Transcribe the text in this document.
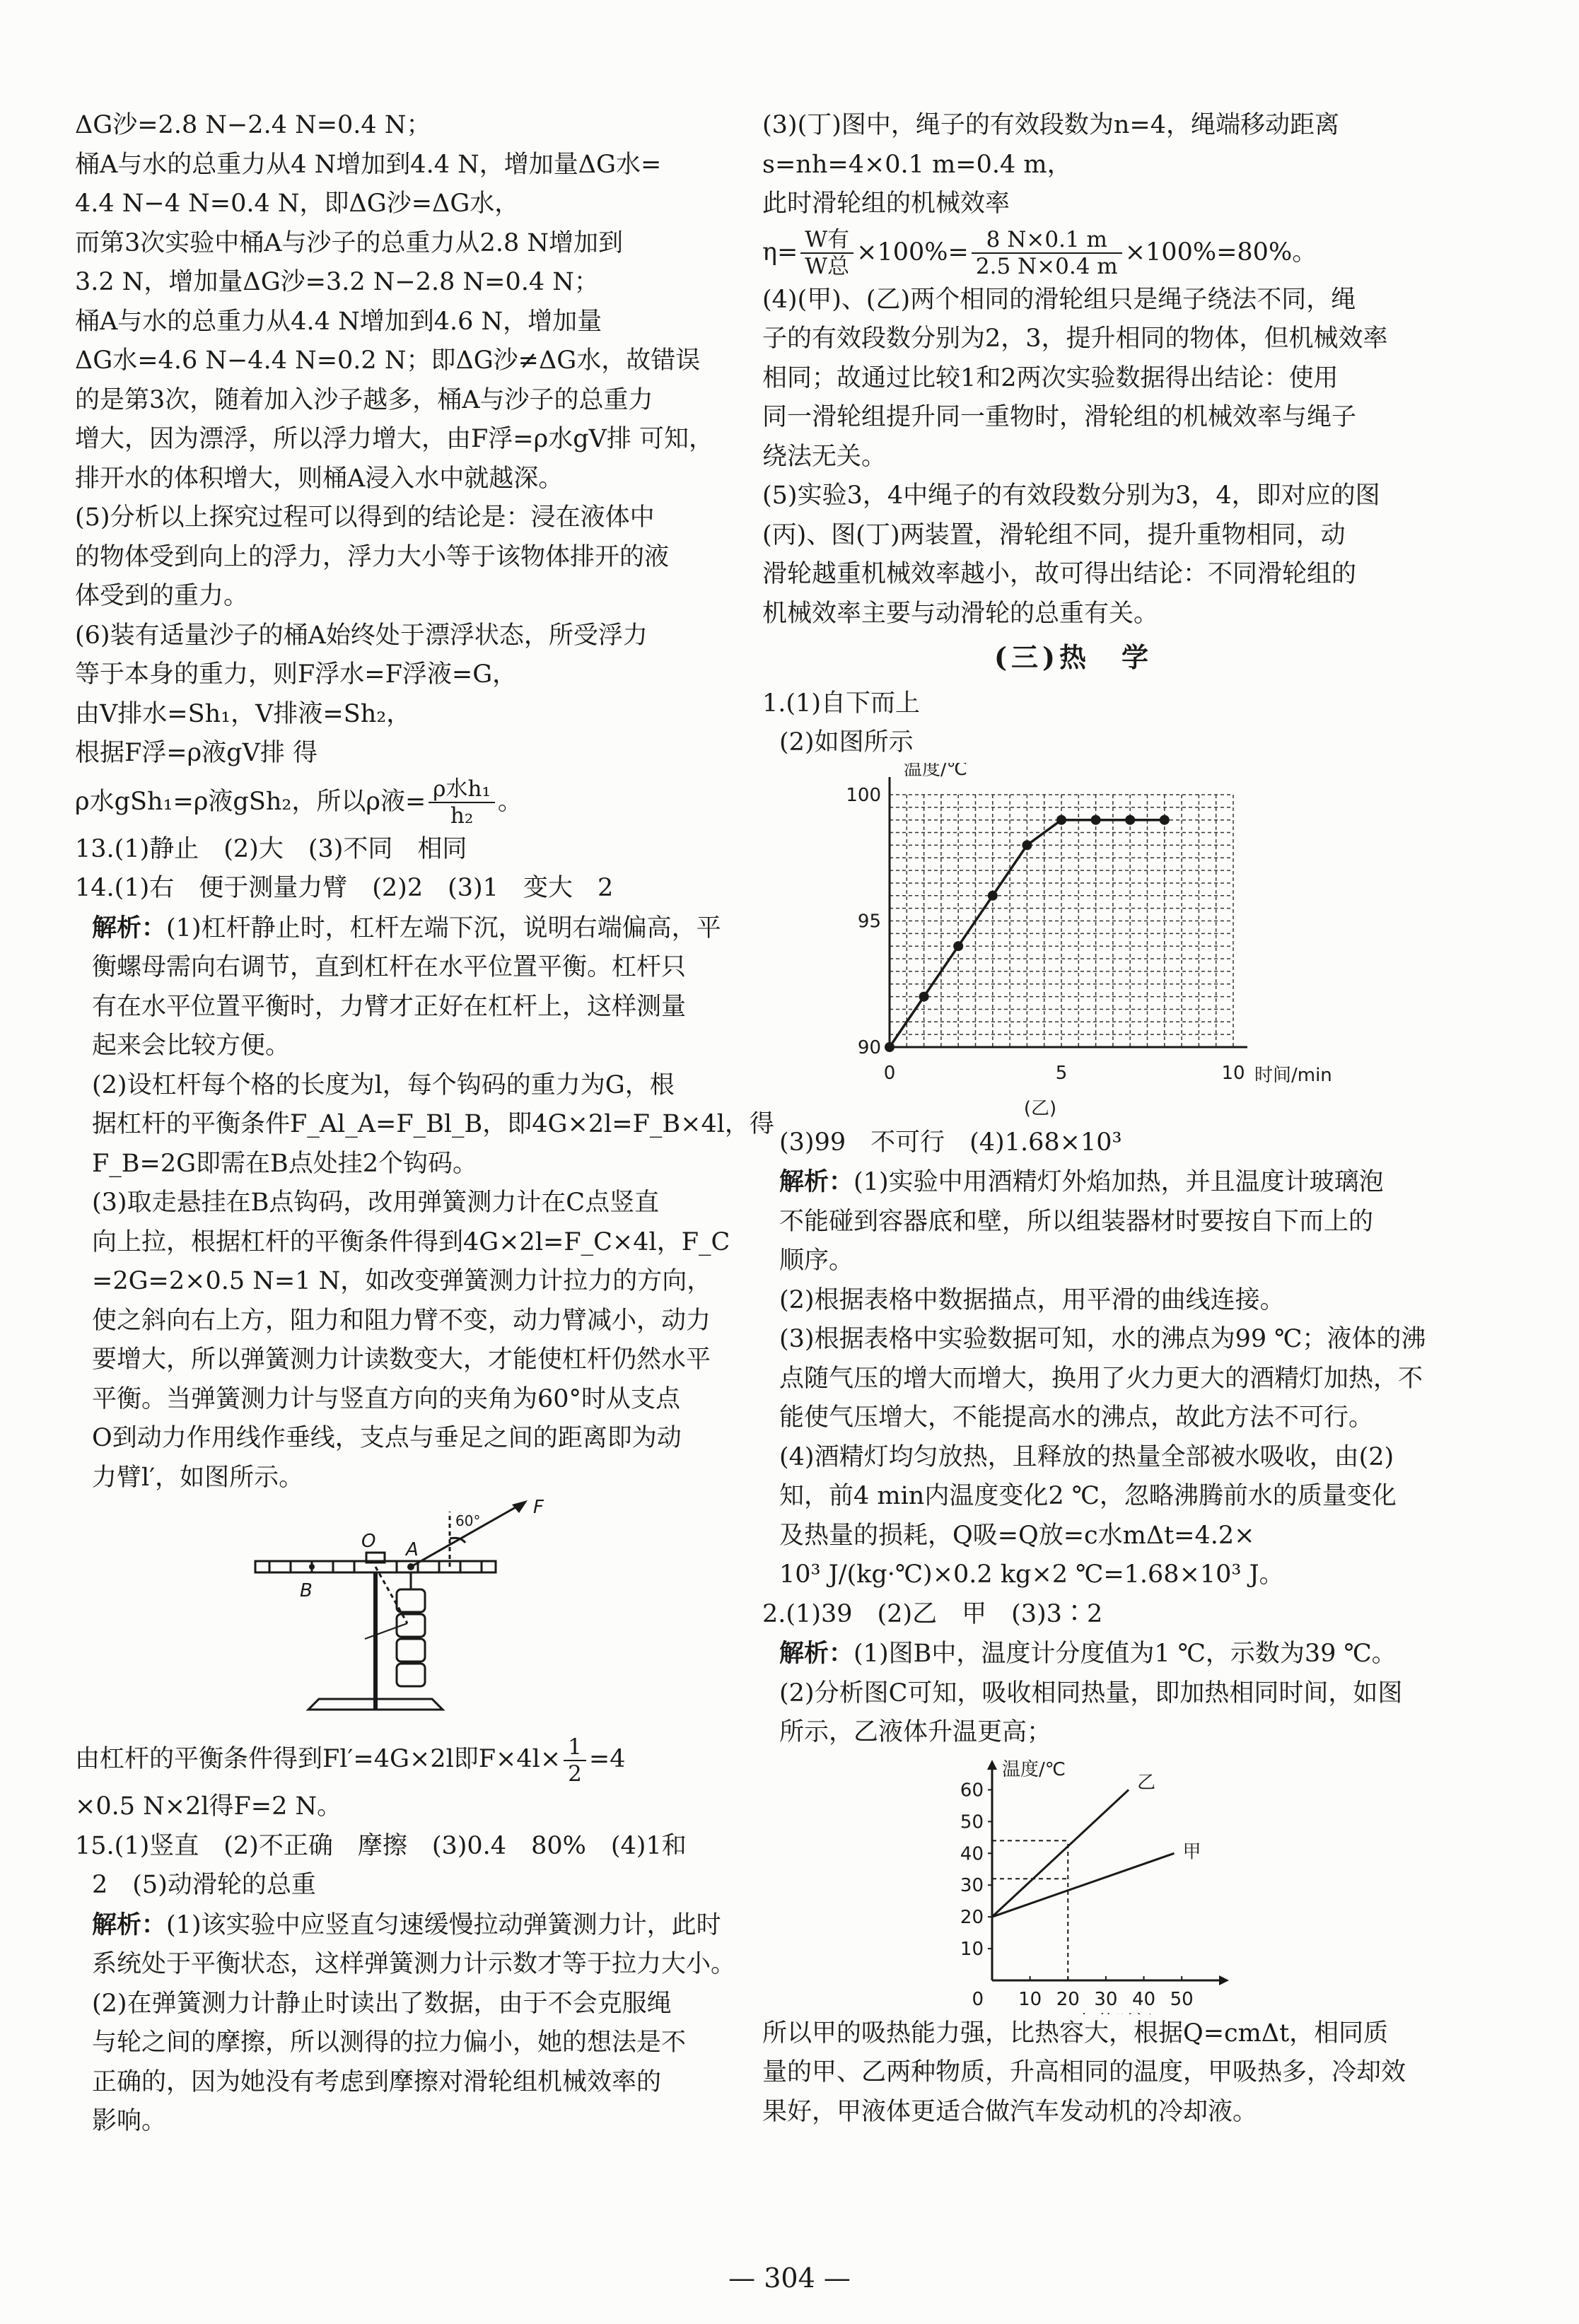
ΔG沙=2.8 N−2.4 N=0.4 N；
桶A与水的总重力从4 N增加到4.4 N，增加量ΔG水=
4.4 N−4 N=0.4 N，即ΔG沙=ΔG水，
而第3次实验中桶A与沙子的总重力从2.8 N增加到
3.2 N，增加量ΔG沙=3.2 N−2.8 N=0.4 N；
桶A与水的总重力从4.4 N增加到4.6 N，增加量
ΔG水=4.6 N−4.4 N=0.2 N；即ΔG沙≠ΔG水，故错误
的是第3次，随着加入沙子越多，桶A与沙子的总重力
增大，因为漂浮，所以浮力增大，由F浮=ρ水gV排 可知，
排开水的体积增大，则桶A浸入水中就越深。
(5)分析以上探究过程可以得到的结论是：浸在液体中
的物体受到向上的浮力，浮力大小等于该物体排开的液
体受到的重力。
(6)装有适量沙子的桶A始终处于漂浮状态，所受浮力
等于本身的重力，则F浮水=F浮液=G，
由V排水=Sh₁，V排液=Sh₂，
根据F浮=ρ液gV排 得
ρ水gSh₁=ρ液gSh₂，所以ρ液= $\frac{\text{ρ水h₁}}{\text{h₂}}$ 。
13.(1)静止　(2)大　(3)不同　相同
14.(1)右　便于测量力臂　(2)2　(3)1　变大　2
解析：(1)杠杆静止时，杠杆左端下沉，说明右端偏高，平
衡螺母需向右调节，直到杠杆在水平位置平衡。杠杆只
有在水平位置平衡时，力臂才正好在杠杆上，这样测量
起来会比较方便。
(2)设杠杆每个格的长度为l，每个钩码的重力为G，根
据杠杆的平衡条件F_Al_A=F_Bl_B，即4G×2l=F_B×4l，得
F_B=2G即需在B点处挂2个钩码。
(3)取走悬挂在B点钩码，改用弹簧测力计在C点竖直
向上拉，根据杠杆的平衡条件得到4G×2l=F_C×4l，F_C
=2G=2×0.5 N=1 N，如改变弹簧测力计拉力的方向，
使之斜向右上方，阻力和阻力臂不变，动力臂减小，动力
要增大，所以弹簧测力计读数变大，才能使杠杆仍然水平
平衡。当弹簧测力计与竖直方向的夹角为60°时从支点
O到动力作用线作垂线，支点与垂足之间的距离即为动
力臂l′，如图所示。
O A
B
F
60°
由杠杆的平衡条件得到Fl′=4G×2l即$F\times 4l\times \frac{1}{2} =4$
×0.5 N×2l得F=2 N。
15.(1)竖直　(2)不正确　摩擦　(3)0.4　80%　(4)1和
2　(5)动滑轮的总重
解析：(1)该实验中应竖直匀速缓慢拉动弹簧测力计，此时
系统处于平衡状态，这样弹簧测力计示数才等于拉力大小。
(2)在弹簧测力计静止时读出了数据，由于不会克服绳
与轮之间的摩擦，所以测得的拉力偏小，她的想法是不
正确的，因为她没有考虑到摩擦对滑轮组机械效率的
影响。
(3)(丁)图中，绳子的有效段数为n=4，绳端移动距离
s=nh=4×0.1 m=0.4 m，
此时滑轮组的机械效率
$\eta= \frac{\text{W有}}{\text{W总}} \times 100\%= \frac{8 N\times 0.1 m}{2.5 N\times 0.4 m} \times 100\%=80\%$。
(4)(甲)、(乙)两个相同的滑轮组只是绳子绕法不同，绳
子的有效段数分别为2，3，提升相同的物体，但机械效率
相同；故通过比较1和2两次实验数据得出结论：使用
同一滑轮组提升同一重物时，滑轮组的机械效率与绳子
绕法无关。
(5)实验3，4中绳子的有效段数分别为3，4，即对应的图
(丙)、图(丁)两装置，滑轮组不同，提升重物相同，动
滑轮越重机械效率越小，故可得出结论：不同滑轮组的
机械效率主要与动滑轮的总重有关。
(三)热　学
1.(1)自下而上
(2)如图所示
温度/℃
时间/min
90
95
100
0	5	10
(乙)
(3)99　不可行　(4)1.68×10³
解析：(1)实验中用酒精灯外焰加热，并且温度计玻璃泡
不能碰到容器底和壁，所以组装器材时要按自下而上的
顺序。
(2)根据表格中数据描点，用平滑的曲线连接。
(3)根据表格中实验数据可知，水的沸点为99 ℃；液体的沸
点随气压的增大而增大，换用了火力更大的酒精灯加热，不
能使气压增大，不能提高水的沸点，故此方法不可行。
(4)酒精灯均匀放热，且释放的热量全部被水吸收，由(2)
知，前4 min内温度变化2 ℃，忽略沸腾前水的质量变化
及热量的损耗，Q吸=Q放=c水mΔt=4.2×
10³ J/(kg·℃)×0.2 kg×2 ℃=1.68×10³ J。
2.(1)39　(2)乙　甲　(3)3∶2
解析：(1)图B中，温度计分度值为1 ℃，示数为39 ℃。
(2)分析图C可知，吸收相同热量，即加热相同时间，如图
所示，乙液体升温更高；
温度/℃
10
20
30
40
50
60
0 10 20 30 40 50
乙
甲
所以甲的吸热能力强，比热容大，根据Q=cmΔt，相同质
量的甲、乙两种物质，升高相同的温度，甲吸热多，冷却效
果好，甲液体更适合做汽车发动机的冷却液。
— 304 —
